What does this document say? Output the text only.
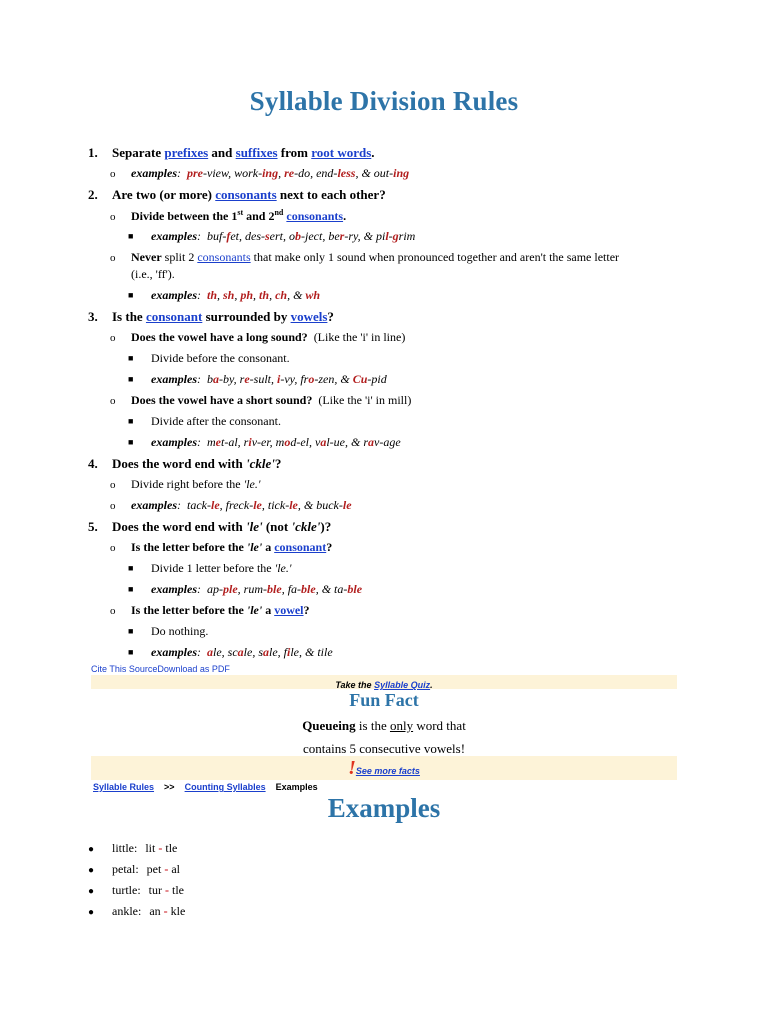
Syllable Division Rules
1. Separate prefixes and suffixes from root words.
o examples:  pre-view, work-ing, re-do, end-less, & out-ing
2. Are two (or more) consonants next to each other?
o Divide between the 1st and 2nd consonants.
■ examples:  buf-fet, des-sert, ob-ject, ber-ry, & pil-grim
o Never split 2 consonants that make only 1 sound when pronounced together and aren't the same letter
(i.e., 'ff').
■ examples:  th, sh, ph, th, ch, & wh
3. Is the consonant surrounded by vowels?
o Does the vowel have a long sound? (Like the 'i' in line)
■ Divide before the consonant.
■ examples:  ba-by, re-sult, i-vy, fro-zen, & Cu-pid
o Does the vowel have a short sound? (Like the 'i' in mill)
■ Divide after the consonant.
■ examples:  met-al, riv-er, mod-el, val-ue, & rav-age
4. Does the word end with 'ckle'?
o Divide right before the 'le.'
o examples:  tack-le, freck-le, tick-le, & buck-le
5. Does the word end with 'le' (not 'ckle')?
o Is the letter before the 'le' a consonant?
■ Divide 1 letter before the 'le.'
■ examples:  ap-ple, rum-ble, fa-ble, & ta-ble
o Is the letter before the 'le' a vowel?
■ Do nothing.
■ examples:  ale, scale, sale, file, & tile
Cite This SourceDownload as PDF
Take the Syllable Quiz.
Fun Fact
Queueing is the only word that
contains 5 consecutive vowels!
!See more facts
Syllable Rules >> Counting Syllables Examples
Examples
● little: lit - tle
● petal: pet - al
● turtle: tur - tle
● ankle: an - kle
